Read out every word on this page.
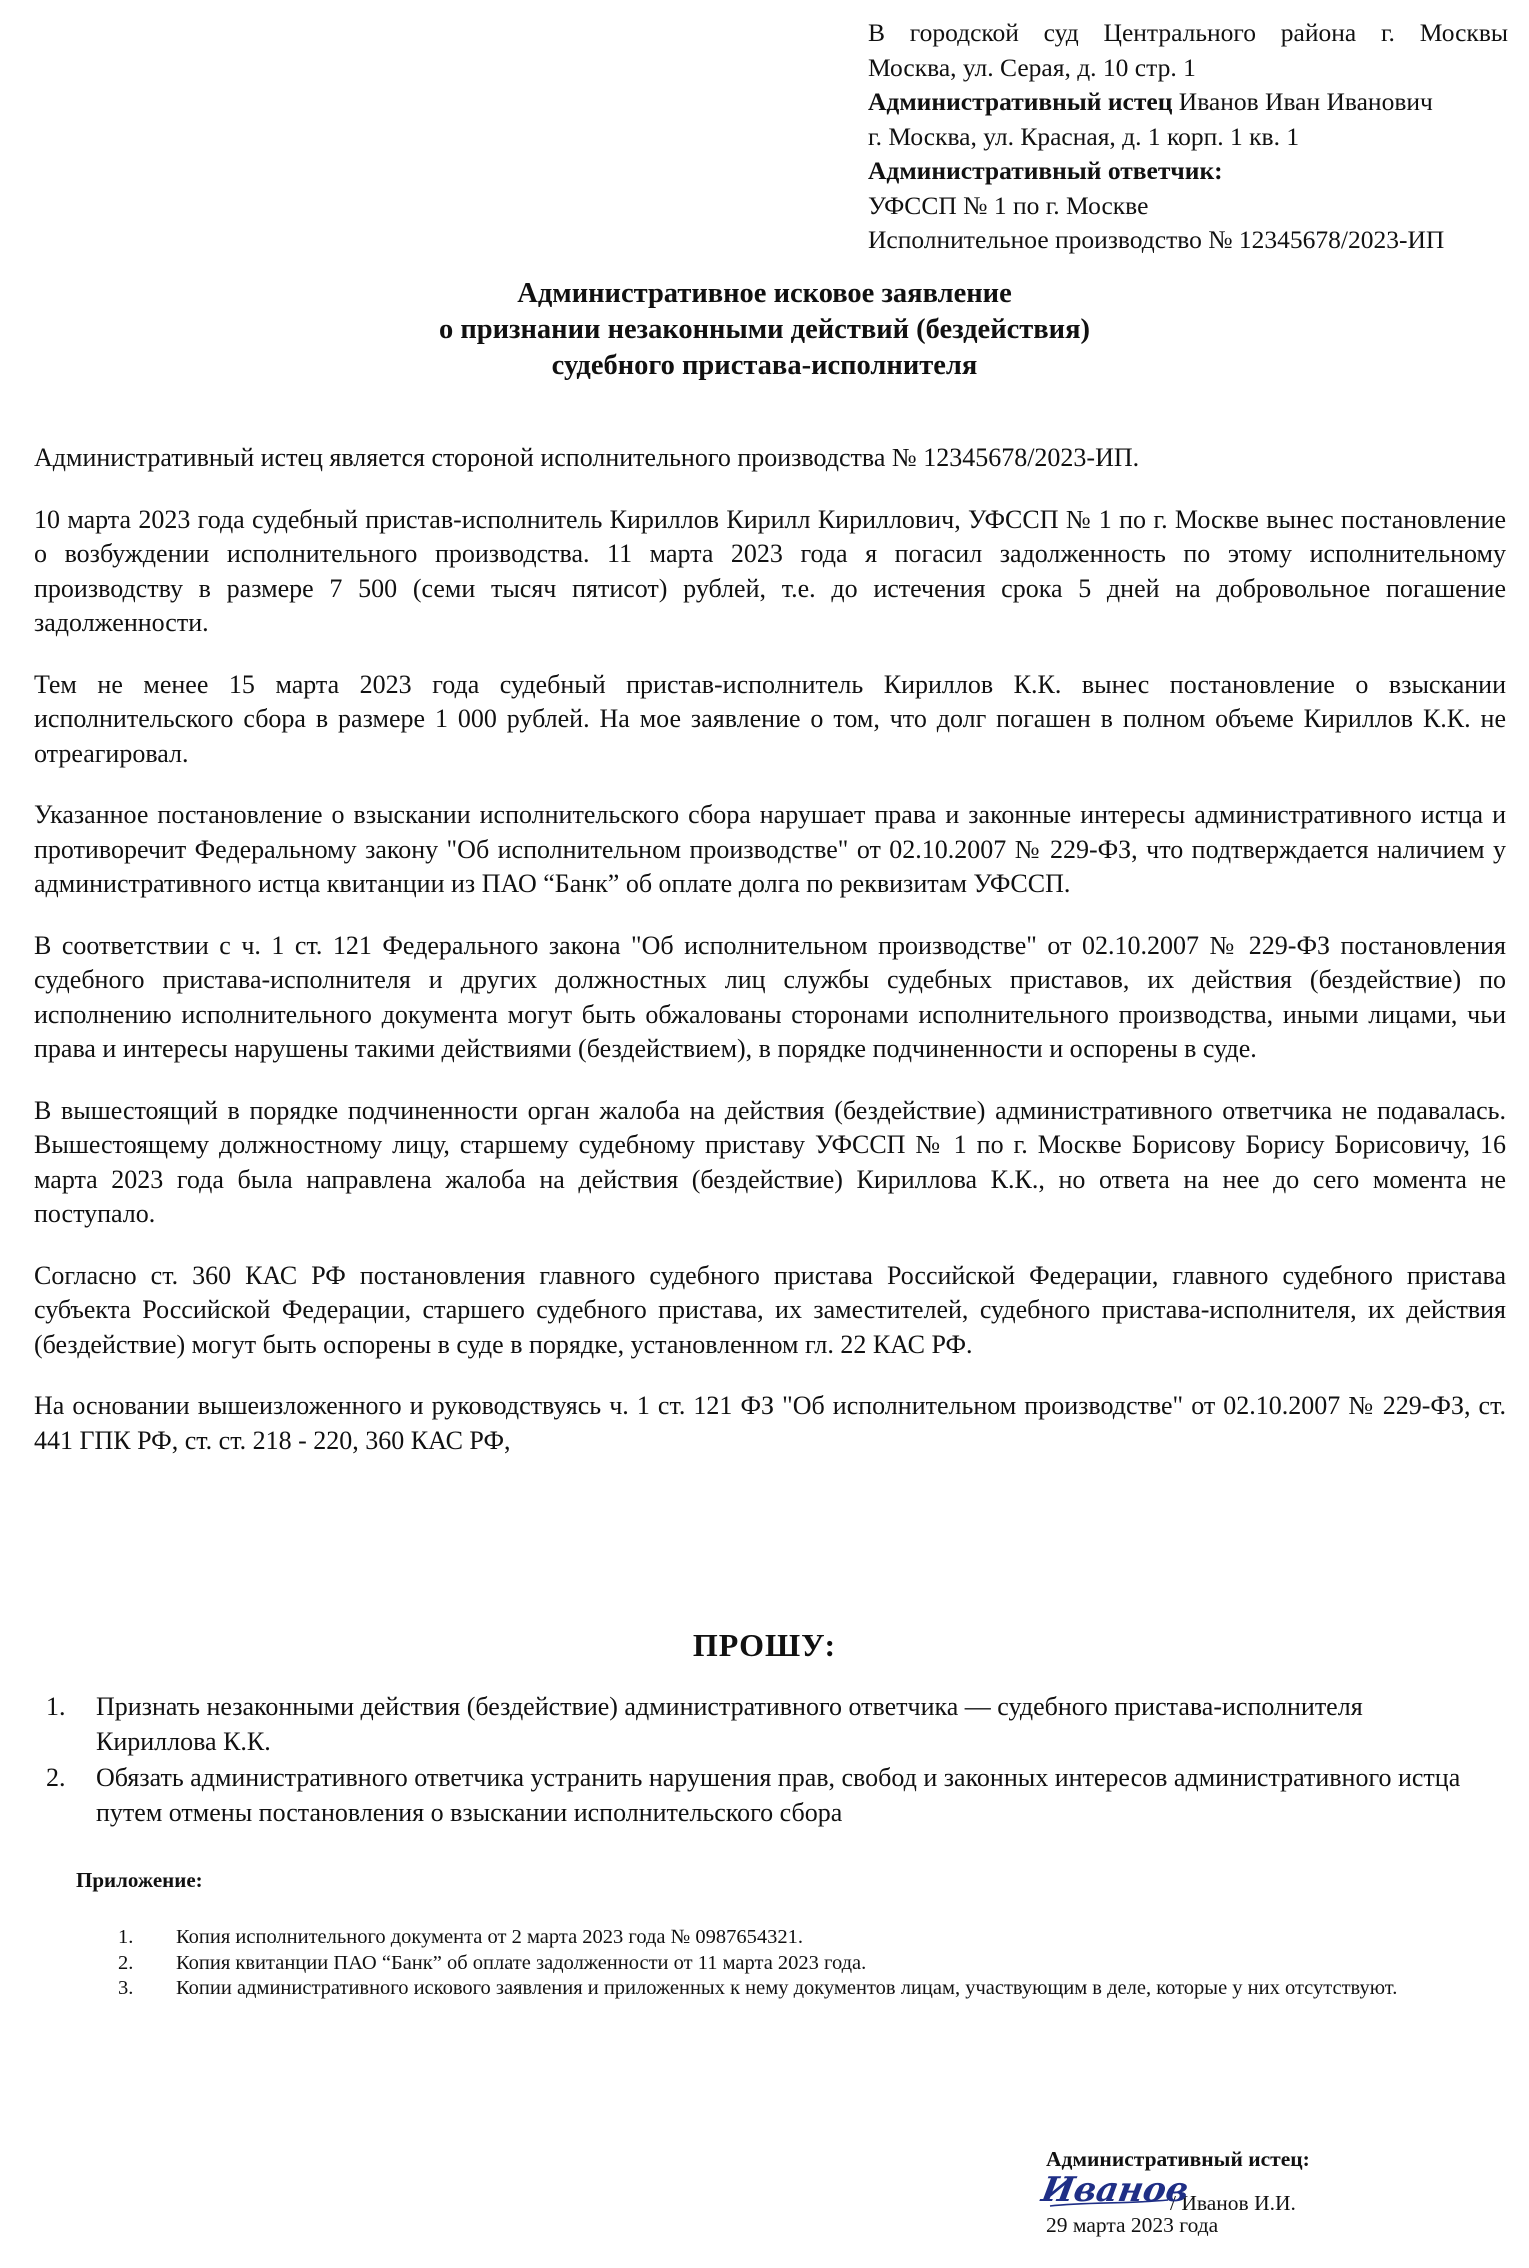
В городской суд Центрального района г. Москвы
Москва, ул. Серая, д. 10 стр. 1
Административный истец Иванов Иван Иванович
г. Москва, ул. Красная, д. 1 корп. 1 кв. 1
Административный ответчик:
УФССП № 1 по г. Москве
Исполнительное производство № 12345678/2023-ИП
Административное исковое заявление
о признании незаконными действий (бездействия)
судебного пристава-исполнителя

Административный истец является стороной исполнительного производства № 12345678/2023-ИП.

10 марта 2023 года судебный пристав-исполнитель Кириллов Кирилл Кириллович, УФССП № 1 по г. Москве вынес постановление о возбуждении исполнительного производства. 11 марта 2023 года я погасил задолженность по этому исполнительному производству в размере 7 500 (семи тысяч пятисот) рублей, т.е. до истечения срока 5 дней на добровольное погашение задолженности.

Тем не менее 15 марта 2023 года судебный пристав-исполнитель Кириллов К.К. вынес постановление о взыскании исполнительского сбора в размере 1 000 рублей. На мое заявление о том, что долг погашен в полном объеме Кириллов К.К. не отреагировал.

Указанное постановление о взыскании исполнительского сбора нарушает права и законные интересы административного истца и противоречит Федеральному закону "Об исполнительном производстве" от 02.10.2007 № 229-ФЗ, что подтверждается наличием у административного истца квитанции из ПАО “Банк” об оплате долга по реквизитам УФССП.

В соответствии с ч. 1 ст. 121 Федерального закона "Об исполнительном производстве" от 02.10.2007 № 229-ФЗ постановления судебного пристава-исполнителя и других должностных лиц службы судебных приставов, их действия (бездействие) по исполнению исполнительного документа могут быть обжалованы сторонами исполнительного производства, иными лицами, чьи права и интересы нарушены такими действиями (бездействием), в порядке подчиненности и оспорены в суде.

В вышестоящий в порядке подчиненности орган жалоба на действия (бездействие) административного ответчика не подавалась. Вышестоящему должностному лицу, старшему судебному приставу УФССП № 1 по г. Москве Борисову Борису Борисовичу, 16 марта 2023 года была направлена жалоба на действия (бездействие) Кириллова К.К., но ответа на нее до сего момента не поступало.

Согласно ст. 360 КАС РФ постановления главного судебного пристава Российской Федерации, главного судебного пристава субъекта Российской Федерации, старшего судебного пристава, их заместителей, судебного пристава-исполнителя, их действия (бездействие) могут быть оспорены в суде в порядке, установленном гл. 22 КАС РФ.

На основании вышеизложенного и руководствуясь ч. 1 ст. 121 ФЗ "Об исполнительном производстве" от 02.10.2007 № 229-ФЗ, ст. 441 ГПК РФ, ст. ст. 218 - 220, 360 КАС РФ,

ПРОШУ:
1.	Признать незаконными действия (бездействие) административного ответчика — судебного пристава-исполнителя Кириллова К.К.
2.	Обязать административного ответчика устранить нарушения прав, свобод и законных интересов административного истца путем отмены постановления о взыскании исполнительского сбора
Приложение:
1.	Копия исполнительного документа от 2 марта 2023 года № 0987654321.
2.	Копия квитанции ПАО “Банк” об оплате задолженности от 11 марта 2023 года.
3.	Копии административного искового заявления и приложенных к нему документов лицам, участвующим в деле, которые у них отсутствуют.
Административный истец:
Иванов
/ Иванов И.И.
29 марта 2023 года
